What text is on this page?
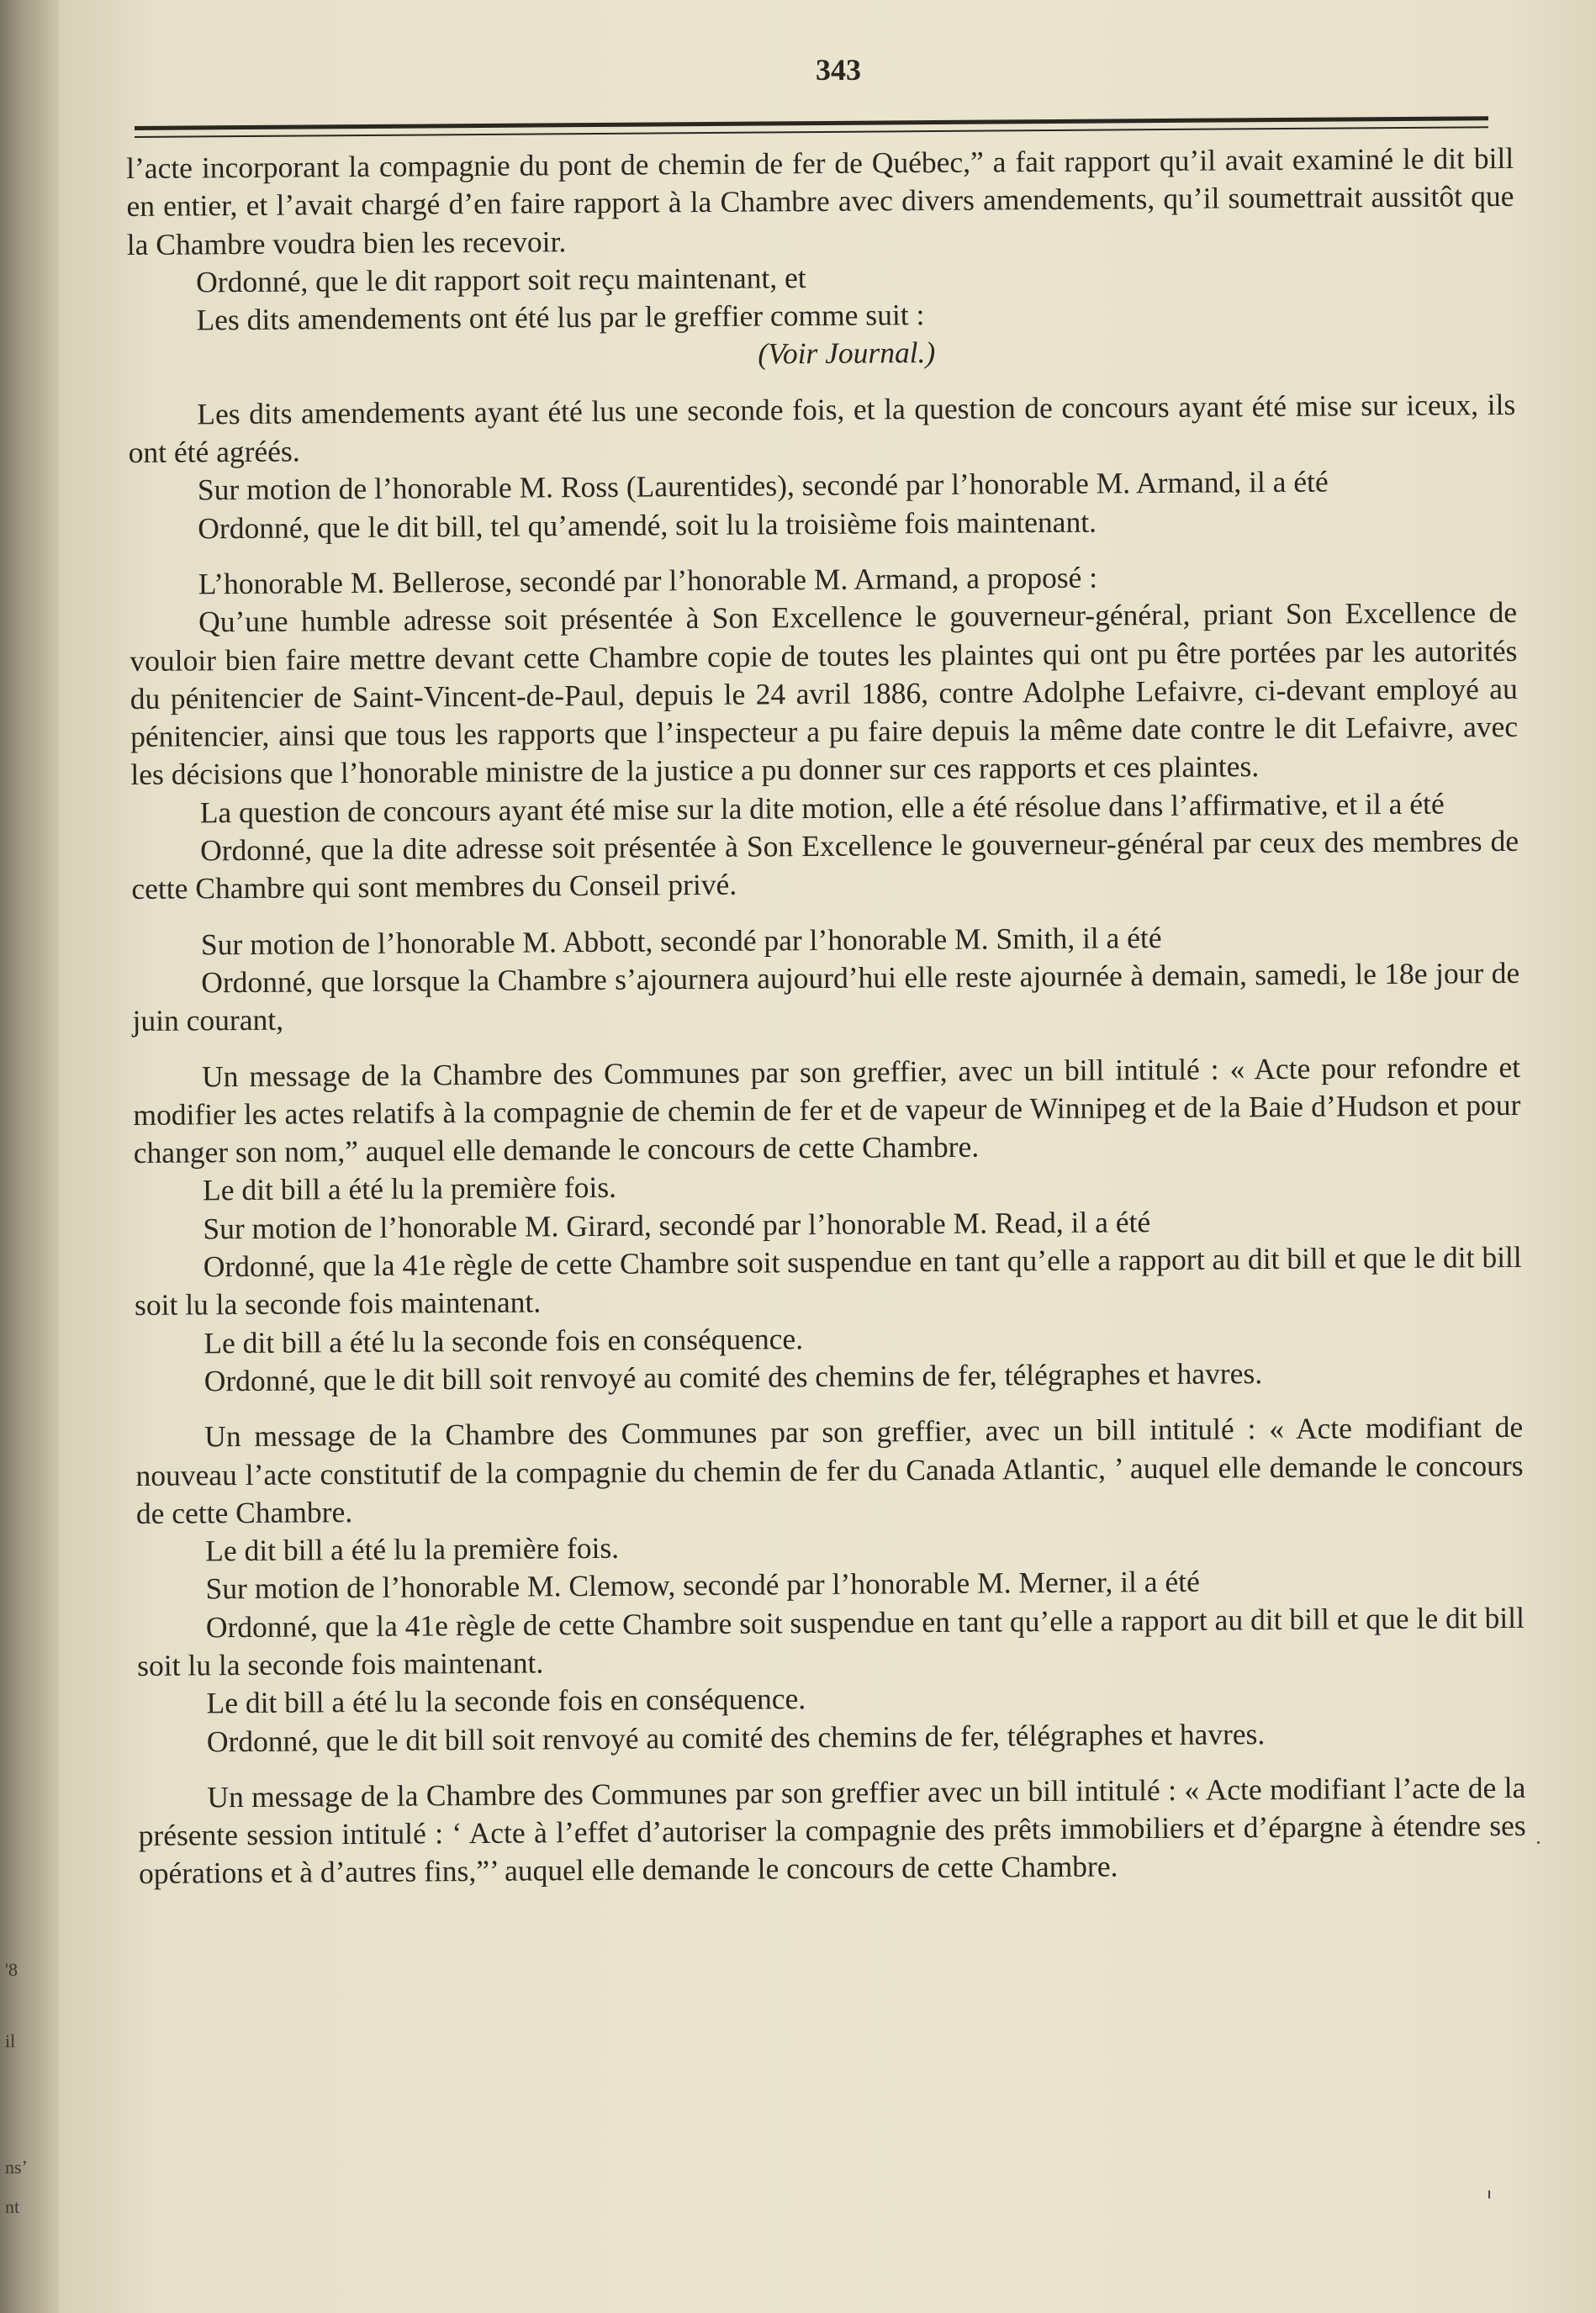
'8
il
nsʼ
nt
343

l’acte incorporant la compagnie du pont de chemin de fer de Québec,” a fait rapport qu’il avait examiné le dit bill en entier, et l’avait chargé d’en faire rapport à la Chambre avec divers amendements, qu’il soumettrait aussitôt que la Chambre voudra bien les recevoir.

Ordonné, que le dit rapport soit reçu maintenant, et

Les dits amendements ont été lus par le greffier comme suit :

(Voir Journal.)

Les dits amendements ayant été lus une seconde fois, et la question de concours ayant été mise sur iceux, ils ont été agréés.

Sur motion de l’honorable M. Ross (Laurentides), secondé par l’honorable M. Armand, il a été

Ordonné, que le dit bill, tel qu’amendé, soit lu la troisième fois maintenant.

L’honorable M. Bellerose, secondé par l’honorable M. Armand, a proposé :

Qu’une humble adresse soit présentée à Son Excellence le gouverneur-général, priant Son Excellence de vouloir bien faire mettre devant cette Chambre copie de toutes les plaintes qui ont pu être portées par les autorités du pénitencier de Saint-Vincent-de-Paul, depuis le 24 avril 1886, contre Adolphe Lefaivre, ci-devant employé au pénitencier, ainsi que tous les rapports que l’inspecteur a pu faire depuis la même date contre le dit Lefaivre, avec les décisions que l’honorable ministre de la justice a pu donner sur ces rapports et ces plaintes.

La question de concours ayant été mise sur la dite motion, elle a été résolue dans l’affirmative, et il a été

Ordonné, que la dite adresse soit présentée à Son Excellence le gouverneur-général par ceux des membres de cette Chambre qui sont membres du Conseil privé.

Sur motion de l’honorable M. Abbott, secondé par l’honorable M. Smith, il a été

Ordonné, que lorsque la Chambre s’ajournera aujourd’hui elle reste ajournée à demain, samedi, le 18e jour de juin courant,

Un message de la Chambre des Communes par son greffier, avec un bill intitulé : « Acte pour refondre et modifier les actes relatifs à la compagnie de chemin de fer et de vapeur de Winnipeg et de la Baie d’Hudson et pour changer son nom,” auquel elle demande le concours de cette Chambre.

Le dit bill a été lu la première fois.

Sur motion de l’honorable M. Girard, secondé par l’honorable M. Read, il a été

Ordonné, que la 41e règle de cette Chambre soit suspendue en tant qu’elle a rapport au dit bill et que le dit bill soit lu la seconde fois maintenant.

Le dit bill a été lu la seconde fois en conséquence.

Ordonné, que le dit bill soit renvoyé au comité des chemins de fer, télégraphes et havres.

Un message de la Chambre des Communes par son greffier, avec un bill intitulé : « Acte modifiant de nouveau l’acte constitutif de la compagnie du chemin de fer du Canada Atlantic, ’ auquel elle demande le concours de cette Chambre.

Le dit bill a été lu la première fois.

Sur motion de l’honorable M. Clemow, secondé par l’honorable M. Merner, il a été

Ordonné, que la 41e règle de cette Chambre soit suspendue en tant qu’elle a rapport au dit bill et que le dit bill soit lu la seconde fois maintenant.

Le dit bill a été lu la seconde fois en conséquence.

Ordonné, que le dit bill soit renvoyé au comité des chemins de fer, télégraphes et havres.

Un message de la Chambre des Communes par son greffier avec un bill intitulé : « Acte modifiant l’acte de la présente session intitulé : ‘ Acte à l’effet d’autoriser la compagnie des prêts immobiliers et d’épargne à étendre ses opérations et à d’autres fins,”’ auquel elle demande le concours de cette Chambre.
